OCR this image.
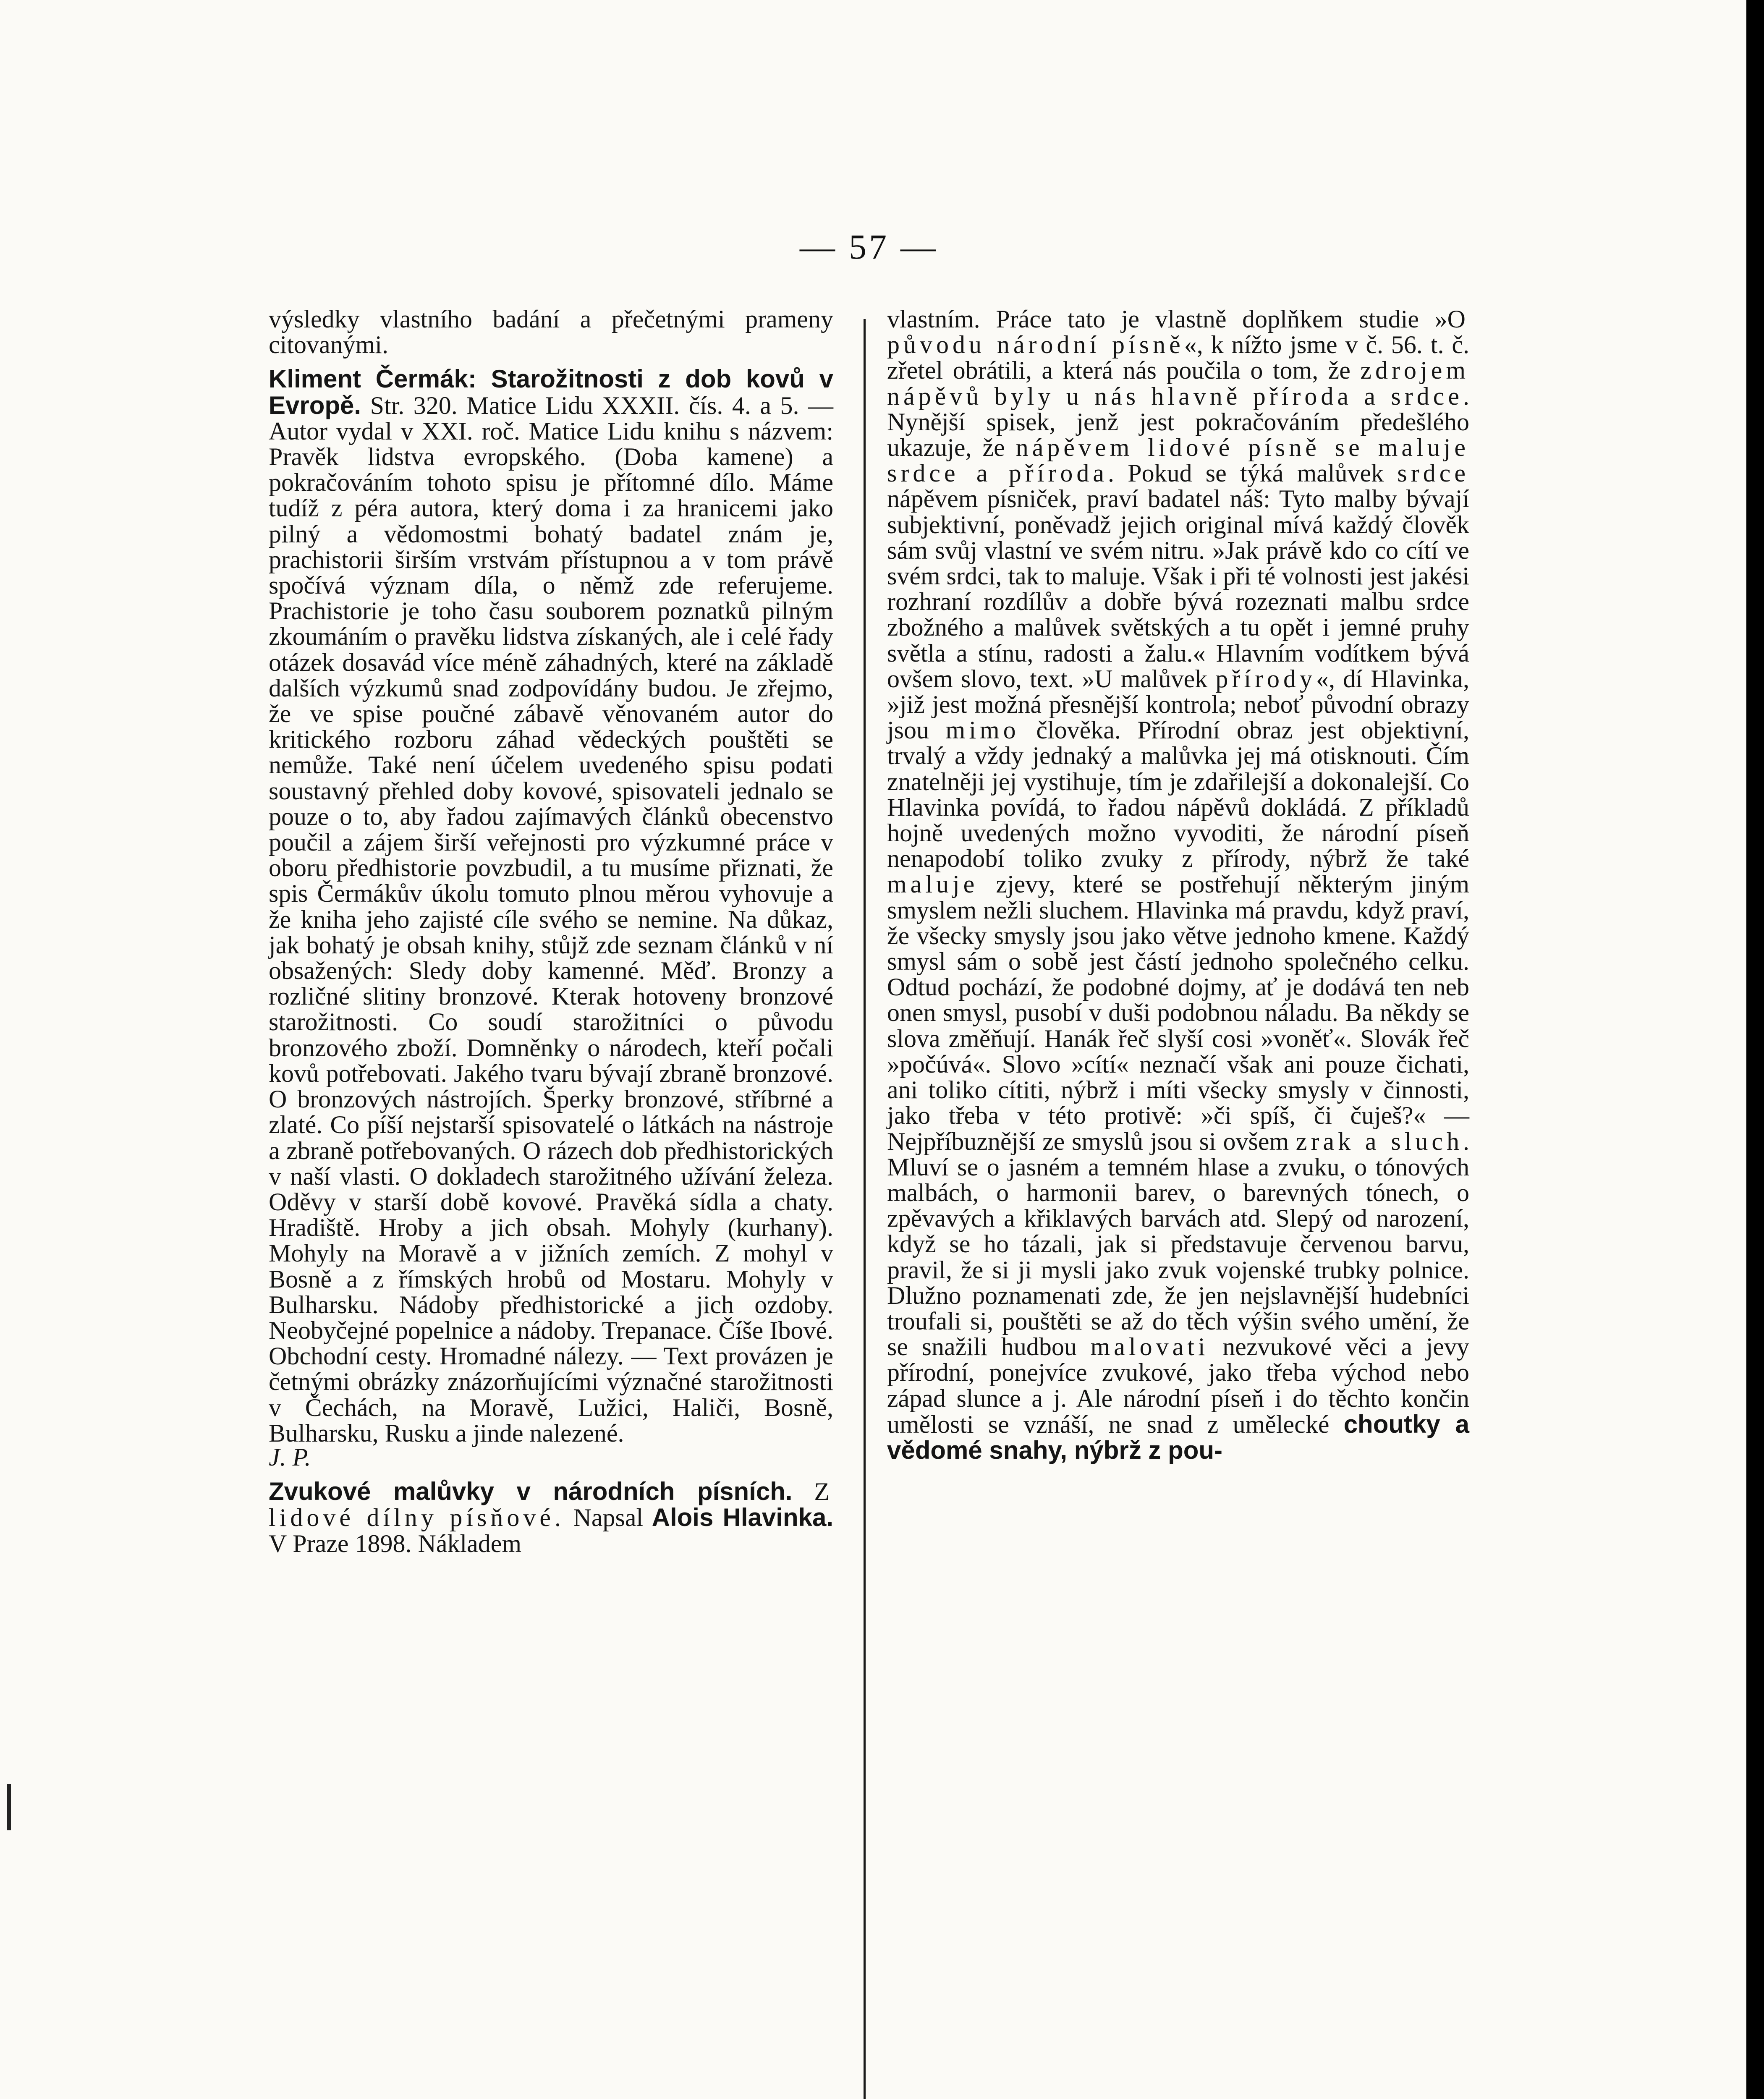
— 57 —

výsledky vlastního badání a přečetnými prameny citovanými.

Kliment Čermák: Starožitnosti z dob kovů v Evropě. Str. 320. Matice Lidu XXXII. čís. 4. a 5. — Autor vydal v XXI. roč. Matice Lidu knihu s názvem: Pravěk lidstva evropského. (Doba kamene) a pokračováním tohoto spisu je přítomné dílo. Máme tudíž z péra autora, který doma i za hranicemi jako pilný a vědomostmi bohatý badatel znám je, prachistorii širším vrstvám přístupnou a v tom právě spočívá význam díla, o němž zde referujeme. Prachistorie je toho času souborem poznatků pilným zkoumáním o pravěku lidstva získaných, ale i celé řady otázek dosavád více méně záhadných, které na základě dalších výzkumů snad zodpovídány budou. Je zřejmo, že ve spise poučné zábavě věnovaném autor do kritického rozboru záhad vědeckých pouštěti se nemůže. Také není účelem uvedeného spisu podati soustavný přehled doby kovové, spisovateli jednalo se pouze o to, aby řadou zajímavých článků obecenstvo poučil a zájem širší veřejnosti pro výzkumné práce v oboru předhistorie povzbudil, a tu musíme přiznati, že spis Čermákův úkolu tomuto plnou měrou vyhovuje a že kniha jeho zajisté cíle svého se nemine. Na důkaz, jak bohatý je obsah knihy, stůjž zde seznam článků v ní obsažených: Sledy doby kamenné. Měď. Bronzy a rozličné slitiny bronzové. Kterak hotoveny bronzové starožitnosti. Co soudí starožitníci o původu bronzového zboží. Domněnky o národech, kteří počali kovů potřebovati. Jakého tvaru bývají zbraně bronzové. O bronzových nástrojích. Šperky bronzové, stříbrné a zlaté. Co píší nejstarší spisovatelé o látkách na nástroje a zbraně potřebovaných. O rázech dob předhistorických v naší vlasti. O dokladech starožitného užívání železa. Oděvy v starší době kovové. Pravěká sídla a chaty. Hradiště. Hroby a jich obsah. Mohyly (kurhany). Mohyly na Moravě a v jižních zemích. Z mohyl v Bosně a z římských hrobů od Mostaru. Mohyly v Bulharsku. Nádoby předhistorické a jich ozdoby. Neobyčejné popelnice a nádoby. Trepanace. Číše Ibové. Obchodní cesty. Hromadné nálezy. — Text provázen je četnými obrázky znázorňujícími význačné starožitnosti v Čechách, na Moravě, Lužici, Haliči, Bosně, Bulharsku, Rusku a jinde nalezené.

J. P.

Zvukové malůvky v národních písních. Z lidové dílny písňové. Napsal Alois Hlavinka. V Praze 1898. Nákladem

vlastním. Práce tato je vlastně doplňkem studie »O původu národní písně«, k nížto jsme v č. 56. t. č. zřetel obrátili, a která nás poučila o tom, že zdrojem nápěvů byly u nás hlavně příroda a srdce. Nynější spisek, jenž jest pokračováním předešlého ukazuje, že nápěvem lidové písně se maluje srdce a příroda. Pokud se týká malůvek srdce nápěvem písniček, praví badatel náš: Tyto malby bývají subjektivní, poněvadž jejich original mívá každý člověk sám svůj vlastní ve svém nitru. »Jak právě kdo co cítí ve svém srdci, tak to maluje. Však i při té volnosti jest jakési rozhraní rozdílův a dobře bývá rozeznati malbu srdce zbožného a malůvek světských a tu opět i jemné pruhy světla a stínu, radosti a žalu.« Hlavním vodítkem bývá ovšem slovo, text. »U malůvek přírody«, dí Hlavinka, »již jest možná přesnější kontrola; neboť původní obrazy jsou mimo člověka. Přírodní obraz jest objektivní, trvalý a vždy jednaký a malůvka jej má otisknouti. Čím znatelněji jej vystihuje, tím je zdařilejší a dokonalejší. Co Hlavinka povídá, to řadou nápěvů dokládá. Z příkladů hojně uvedených možno vyvoditi, že národní píseň nenapodobí toliko zvuky z přírody, nýbrž že také maluje zjevy, které se postřehují některým jiným smyslem nežli sluchem. Hlavinka má pravdu, když praví, že všecky smysly jsou jako větve jednoho kmene. Každý smysl sám o sobě jest částí jednoho společného celku. Odtud pochází, že podobné dojmy, ať je dodává ten neb onen smysl, pusobí v duši podobnou náladu. Ba někdy se slova změňují. Hanák řeč slyší cosi »voněť«. Slovák řeč »počúvá«. Slovo »cítí« neznačí však ani pouze čichati, ani toliko cítiti, nýbrž i míti všecky smysly v činnosti, jako třeba v této protivě: »či spíš, či čuješ?« — Nejpříbuznější ze smyslů jsou si ovšem zrak a sluch. Mluví se o jasném a temném hlase a zvuku, o tónových malbách, o harmonii barev, o barevných tónech, o zpěvavých a křiklavých barvách atd. Slepý od narození, když se ho tázali, jak si představuje červenou barvu, pravil, že si ji mysli jako zvuk vojenské trubky polnice. Dlužno poznamenati zde, že jen nejslavnější hudebníci troufali si, pouštěti se až do těch výšin svého umění, že se snažili hudbou malovati nezvukové věci a jevy přírodní, ponejvíce zvukové, jako třeba východ nebo západ slunce a j. Ale národní píseň i do těchto končin umělosti se vznáší, ne snad z umělecké choutky a vědomé snahy, nýbrž z pou-
